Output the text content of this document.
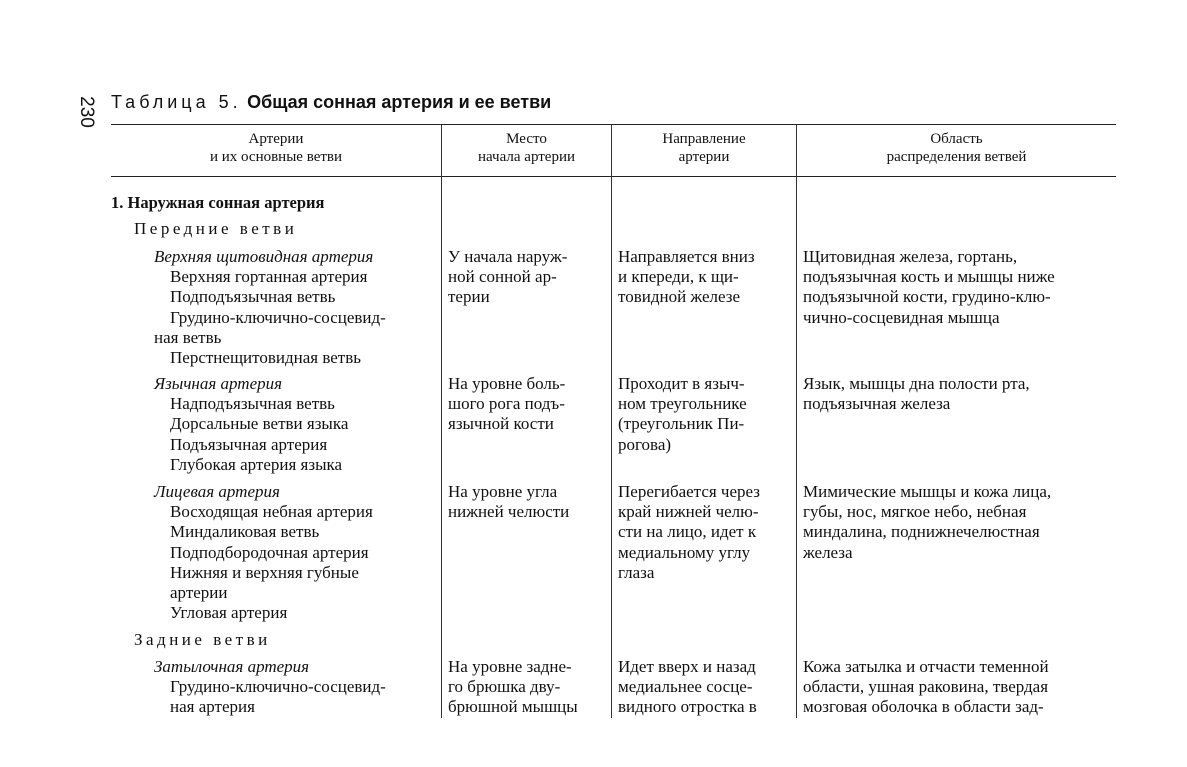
230 Таблица 5. Общая сонная артерия и ее ветви
Артерии
и их основные ветви
Место
начала артерии
Направление
артерии
Область
распределения ветвей
1. Наружная сонная артерия
Передние ветви
Задние ветви
Верхняя щитовидная артерия
Верхняя гортанная артерия
Подподъязычная ветвь
Грудино-ключично-сосцевид-
ная ветвь
Перстнещитовидная ветвь
У начала наруж-
ной сонной ар-
терии
Направляется вниз
и кпереди, к щи-
товидной железе
Щитовидная железа, гортань,
подъязычная кость и мышцы ниже
подъязычной кости, грудино-клю-
чично-сосцевидная мышца
Язычная артерия
Надподъязычная ветвь
Дорсальные ветви языка
Подъязычная артерия
Глубокая артерия языка
На уровне боль-
шого рога подъ-
язычной кости
Проходит в языч-
ном треугольнике
(треугольник Пи-
рогова)
Язык, мышцы дна полости рта,
подъязычная железа
Лицевая артерия
Восходящая небная артерия
Миндаликовая ветвь
Подподбородочная артерия
Нижняя и верхняя губные
артерии
Угловая артерия
На уровне угла
нижней челюсти
Перегибается через
край нижней челю-
сти на лицо, идет к
медиальному углу
глаза
Мимические мышцы и кожа лица,
губы, нос, мягкое небо, небная
миндалина, поднижнечелюстная
железа
Затылочная артерия
Грудино-ключично-сосцевид-
ная артерия
На уровне задне-
го брюшка дву-
брюшной мышцы
Идет вверх и назад
медиальнее сосце-
видного отростка в
Кожа затылка и отчасти теменной
области, ушная раковина, твердая
мозговая оболочка в области зад-
